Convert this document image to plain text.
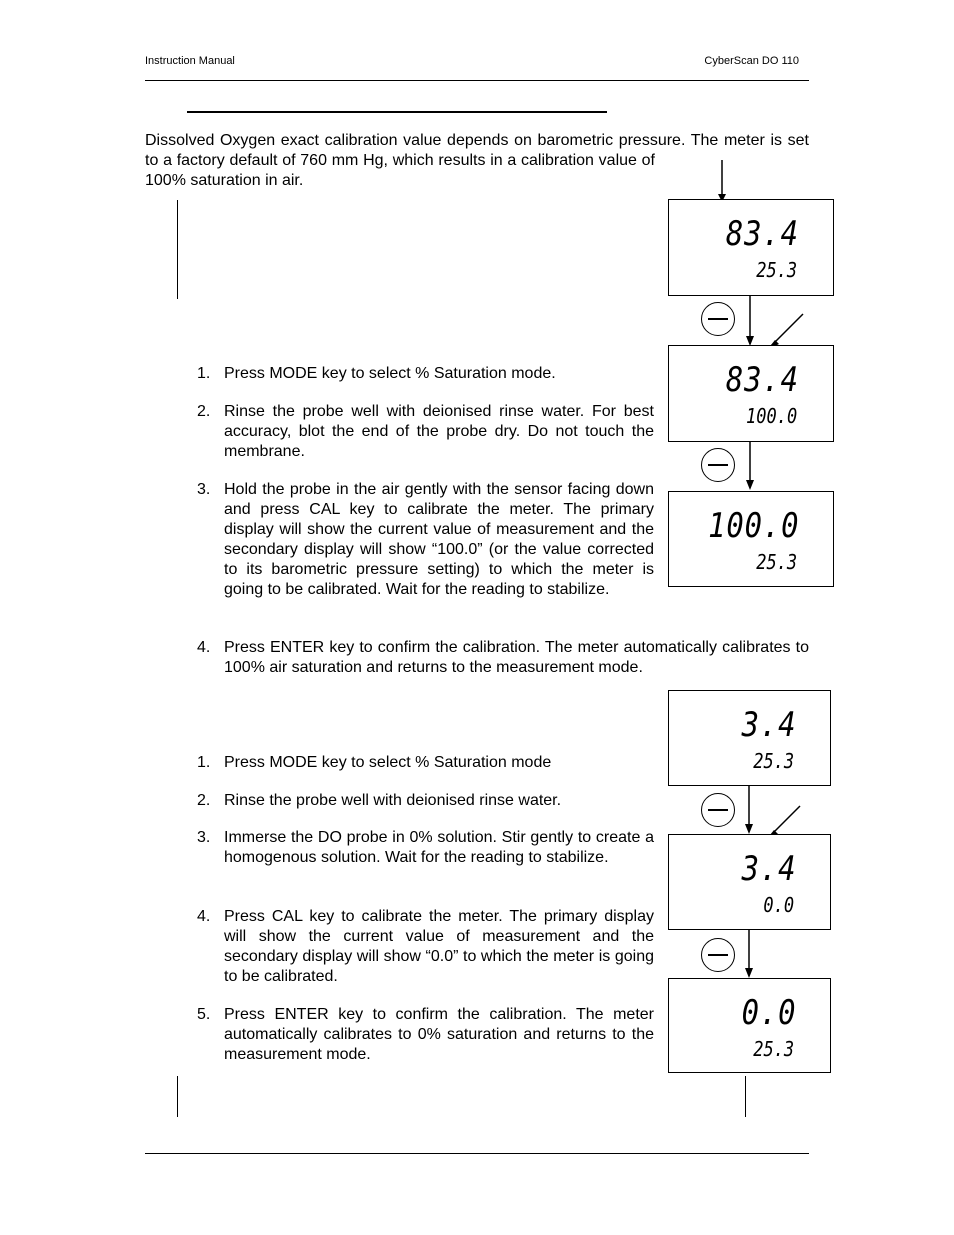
Instruction Manual	CyberScan DO 110
Dissolved Oxygen exact calibration value depends on barometric pressure. The meter is set
to a factory default of 760 mm Hg, which results in a calibration value of 100% saturation in air.
1. Press MODE key to select % Saturation mode.
2. Rinse the probe well with deionised rinse water. For best accuracy, blot the end of the probe dry. Do not touch the membrane.
3. Hold the probe in the air gently with the sensor facing down and press CAL key to calibrate the meter. The primary display will show the current value of measurement and the secondary display will show “100.0” (or the value corrected to its barometric pressure setting) to which the meter is going to be calibrated. Wait for the reading to stabilize.
4. Press ENTER key to confirm the calibration. The meter automatically calibrates to 100% air saturation and returns to the measurement mode.
83.4
25.3
83.4
100.0
100.0
25.3
1. Press MODE key to select % Saturation mode
2. Rinse the probe well with deionised rinse water.
3. Immerse the DO probe in 0% solution. Stir gently to create a homogenous solution. Wait for the reading to stabilize.
4. Press CAL key to calibrate the meter. The primary display will show the current value of measurement and the secondary display will show “0.0” to which the meter is going to be calibrated.
5. Press ENTER key to confirm the calibration. The meter automatically calibrates to 0% saturation and returns to the measurement mode.
3.4
25.3
3.4
0.0
0.0
25.3
